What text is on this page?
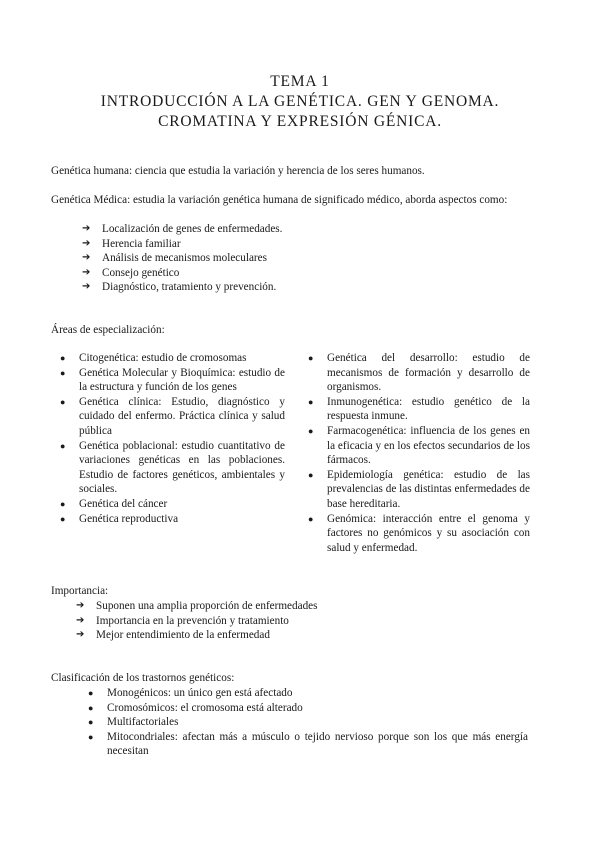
TEMA 1

INTRODUCCIÓN A LA GENÉTICA. GEN Y GENOMA.

CROMATINA Y EXPRESIÓN GÉNICA.

Genética humana: ciencia que estudia la variación y herencia de los seres humanos.

Genética Médica: estudia la variación genética humana de significado médico, aborda aspectos como:

➔	Localización de genes de enfermedades.
➔	Herencia familiar
➔	Análisis de mecanismos moleculares
➔	Consejo genético
➔	Diagnóstico, tratamiento y prevención.

Áreas de especialización:

●	Citogenética: estudio de cromosomas
●	Genética Molecular y Bioquímica: estudio de la estructura y función de los genes
●	Genética clínica: Estudio, diagnóstico y cuidado del enfermo. Práctica clínica y salud pública
●	Genética poblacional: estudio cuantitativo de variaciones genéticas en las poblaciones. Estudio de factores genéticos, ambientales y sociales.
●	Genética del cáncer
●	Genética reproductiva
●	Genética del desarrollo: estudio de mecanismos de formación y desarrollo de organismos.
●	Inmunogenética: estudio genético de la respuesta inmune.
●	Farmacogenética: influencia de los genes en la eficacia y en los efectos secundarios de los fármacos.
●	Epidemiología genética: estudio de las prevalencias de las distintas enfermedades de base hereditaria.
●	Genómica: interacción entre el genoma y factores no genómicos y su asociación con salud y enfermedad.

Importancia:

➔	Suponen una amplia proporción de enfermedades
➔	Importancia en la prevención y tratamiento
➔	Mejor entendimiento de la enfermedad

Clasificación de los trastornos genéticos:

●	Monogénicos: un único gen está afectado
●	Cromosómicos: el cromosoma está alterado
●	Multifactoriales
●	Mitocondriales: afectan más a músculo o tejido nervioso porque son los que más energía necesitan
